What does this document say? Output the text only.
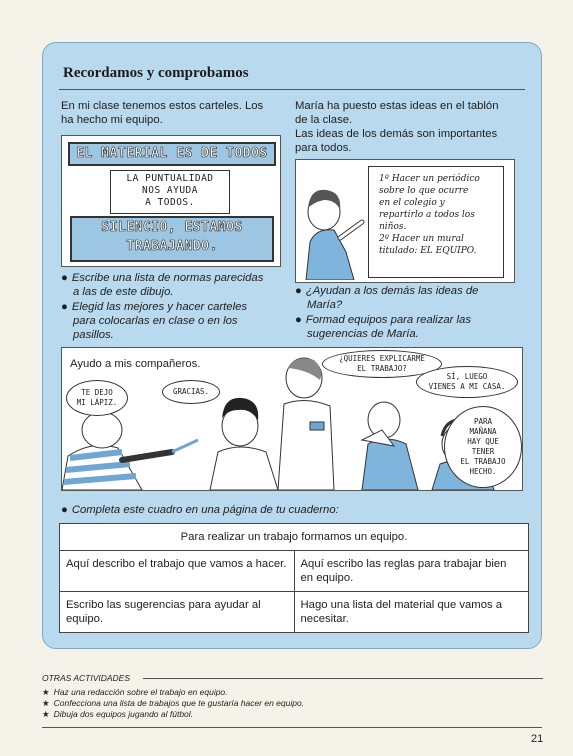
Recordamos y comprobamos
En mi clase tenemos estos carteles. Los
ha hecho mi equipo.
María ha puesto estas ideas en el tablón
de la clase.
Las ideas de los demás son importantes
para todos.
EL MATERIAL ES DE TODOS
LA PUNTUALIDAD
NOS AYUDA
A TODOS.
SILENCIO, ESTAMOS
TRABAJANDO.
1º Hacer un periódico
sobre lo que ocurre
en el colegio y
repartirlo a todos los
niños.
2º Hacer un mural
titulado: EL EQUIPO.
● Escribe una lista de normas parecidas
a las de este dibujo.
● Elegid las mejores y hacer carteles
para colocarlas en clase o en los
pasillos.
● ¿Ayudan a los demás las ideas de
María?
● Formad equipos para realizar las
sugerencias de María.
Ayudo a mis compañeros.
TE DEJO
MI LÁPIZ.
GRACIAS.
¿QUIERES EXPLICARME
EL TRABAJO?
SÍ, LUEGO
VIENES A MI CASA.
PARA
MAÑANA
HAY QUE
TENER
EL TRABAJO
HECHO.
● Completa este cuadro en una página de tu cuaderno:
Para realizar un trabajo formamos un equipo.	
Aquí describo el trabajo que vamos a hacer.	Aquí escribo las reglas para trabajar bien en equipo.
Escribo las sugerencias para ayudar al equipo.	Hago una lista del material que vamos a necesitar.
OTRAS ACTIVIDADES
★ Haz una redacción sobre el trabajo en equipo.
★ Confecciona una lista de trabajos que te gustaría hacer en equipo.
★ Dibuja dos equipos jugando al fútbol.
21
